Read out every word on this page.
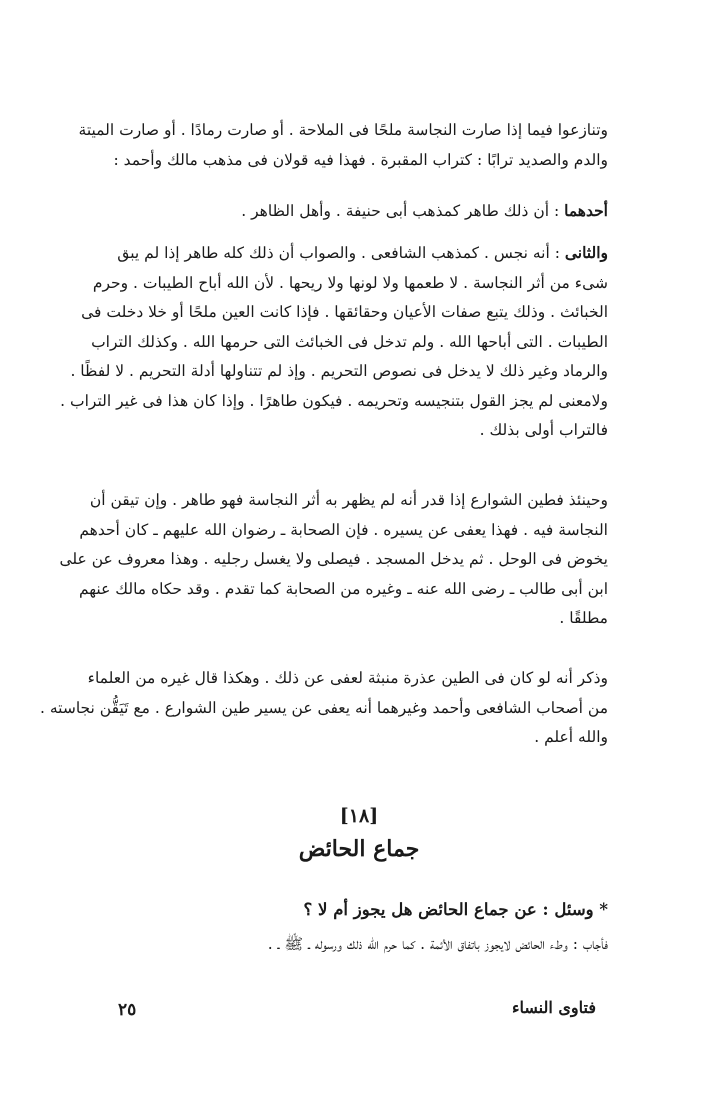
وتنازعوا فيما إذا صارت النجاسة ملحًا فى الملاحة . أو صارت رمادًا . أو صارت الميتة
والدم والصديد ترابًا : كتراب المقبرة . فهذا فيه قولان فى مذهب مالك وأحمد :
أحدهما : أن ذلك طاهر كمذهب أبى حنيفة . وأهل الظاهر .
والثانى : أنه نجس . كمذهب الشافعى . والصواب أن ذلك كله طاهر إذا لم يبق
شىء من أثر النجاسة . لا طعمها ولا لونها ولا ريحها . لأن الله أباح الطيبات . وحرم
الخبائث . وذلك يتبع صفات الأعيان وحقائقها . فإذا كانت العين ملحًا أو خلا دخلت فى
الطيبات . التى أباحها الله . ولم تدخل فى الخبائث التى حرمها الله . وكذلك التراب
والرماد وغير ذلك لا يدخل فى نصوص التحريم . وإذ لم تتناولها أدلة التحريم . لا لفظًا .
ولامعنى لم يجز القول بتنجيسه وتحريمه . فيكون طاهرًا . وإذا كان هذا فى غير التراب .
فالتراب أولى بذلك .
وحينئذ فطين الشوارع إذا قدر أنه لم يظهر به أثر النجاسة فهو طاهر . وإن تيقن أن
النجاسة فيه . فهذا يعفى عن يسيره . فإن الصحابة ـ رضوان الله عليهم ـ كان أحدهم
يخوض فى الوحل . ثم يدخل المسجد . فيصلى ولا يغسل رجليه . وهذا معروف عن على
ابن أبى طالب ـ رضى الله عنه ـ وغيره من الصحابة كما تقدم . وقد حكاه مالك عنهم
مطلقًا .
وذكر أنه لو كان فى الطين عذرة منبثة لعفى عن ذلك . وهكذا قال غيره من العلماء
من أصحاب الشافعى وأحمد وغيرهما أنه يعفى عن يسير طين الشوارع . مع تَيَقُّن نجاسته .
والله أعلم .
[١٨]
جماع الحائض
* وسئل : عن جماع الحائض هل يجوز أم لا ؟
فأجاب : وطء الحائض لايجوز باتفاق الأئمة . كما حرم الله ذلك ورسوله ـ ﷺ ـ .
٢٥	فتاوى النساء
